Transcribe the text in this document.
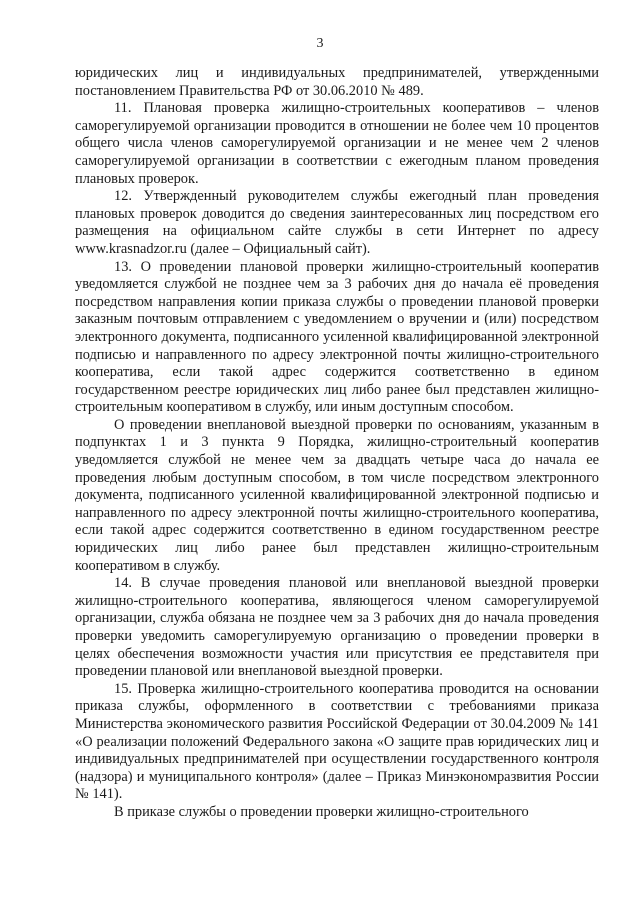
3

юридических лиц и индивидуальных предпринимателей, утвержденными постановлением Правительства РФ от 30.06.2010 № 489.

11. Плановая проверка жилищно-строительных кооперативов – членов саморегулируемой организации проводится в отношении не более чем 10 процентов общего числа членов саморегулируемой организации и не менее чем 2 членов саморегулируемой организации в соответствии с ежегодным планом проведения плановых проверок.

12. Утвержденный руководителем службы ежегодный план проведения плановых проверок доводится до сведения заинтересованных лиц посредством его размещения на официальном сайте службы в сети Интернет по адресу www.krasnadzor.ru (далее – Официальный сайт).

13. О проведении плановой проверки жилищно-строительный кооператив уведомляется службой не позднее чем за 3 рабочих дня до начала её проведения посредством направления копии приказа службы о проведении плановой проверки заказным почтовым отправлением с уведомлением о вручении и (или) посредством электронного документа, подписанного усиленной квалифицированной электронной подписью и направленного по адресу электронной почты жилищно-строительного кооператива, если такой адрес содержится соответственно в едином государственном реестре юридических лиц либо ранее был представлен жилищно-строительным кооперативом в службу, или иным доступным способом.

О проведении внеплановой выездной проверки по основаниям, указанным в подпунктах 1 и 3 пункта 9 Порядка, жилищно-строительный кооператив уведомляется службой не менее чем за двадцать четыре часа до начала ее проведения любым доступным способом, в том числе посредством электронного документа, подписанного усиленной квалифицированной электронной подписью и направленного по адресу электронной почты жилищно-строительного кооператива, если такой адрес содержится соответственно в едином государственном реестре юридических лиц либо ранее был представлен жилищно-строительным кооперативом в службу.

14. В случае проведения плановой или внеплановой выездной проверки жилищно-строительного кооператива, являющегося членом саморегулируемой организации, служба обязана не позднее чем за 3 рабочих дня до начала проведения проверки уведомить саморегулируемую организацию о проведении проверки в целях обеспечения возможности участия или присутствия ее представителя при проведении плановой или внеплановой выездной проверки.

15. Проверка жилищно-строительного кооператива проводится на основании приказа службы, оформленного в соответствии с требованиями приказа Министерства экономического развития Российской Федерации от 30.04.2009 № 141 «О реализации положений Федерального закона «О защите прав юридических лиц и индивидуальных предпринимателей при осуществлении государственного контроля (надзора) и муниципального контроля» (далее – Приказ Минэкономразвития России № 141).

В приказе службы о проведении проверки жилищно-строительного
